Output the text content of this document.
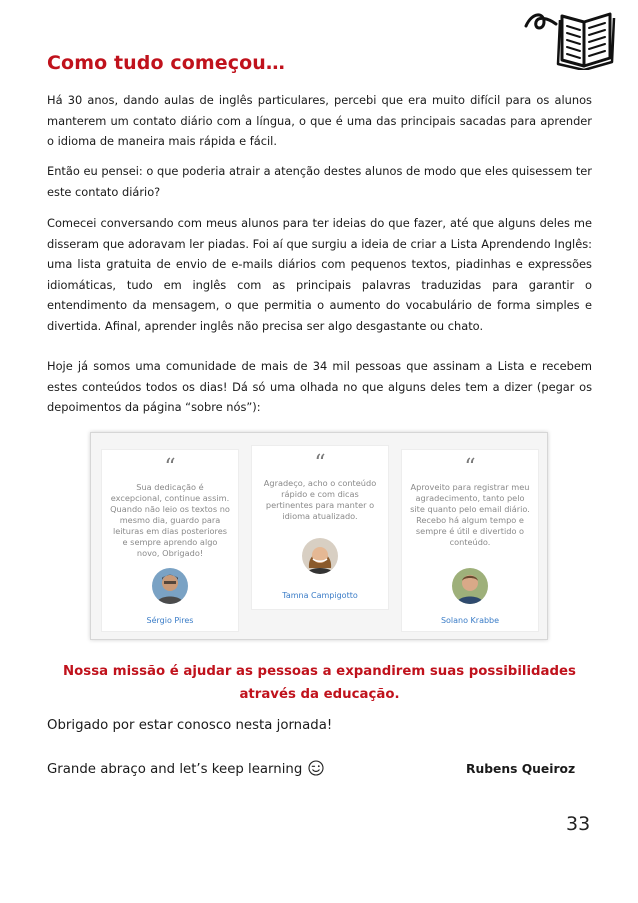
Como tudo começou…

Há 30 anos, dando aulas de inglês particulares, percebi que era muito difícil para os alunos manterem um contato diário com a língua, o que é uma das principais sacadas para aprender o idioma de maneira mais rápida e fácil.

Então eu pensei: o que poderia atrair a atenção destes alunos de modo que eles quisessem ter este contato diário?

Comecei conversando com meus alunos para ter ideias do que fazer, até que alguns deles me disseram que adoravam ler piadas. Foi aí que surgiu a ideia de criar a Lista Aprendendo Inglês: uma lista gratuita de envio de e-mails diários com pequenos textos, piadinhas e expressões idiomáticas, tudo em inglês com as principais palavras traduzidas para garantir o entendimento da mensagem, o que permitia o aumento do vocabulário de forma simples e divertida. Afinal, aprender inglês não precisa ser algo desgastante ou chato.

Hoje já somos uma comunidade de mais de 34 mil pessoas que assinam a Lista e recebem estes conteúdos todos os dias! Dá só uma olhada no que alguns deles tem a dizer (pegar os depoimentos da página “sobre nós”):

“
Sua dedicação é excepcional, continue assim. Quando não leio os textos no mesmo dia, guardo para leituras em dias posteriores e sempre aprendo algo novo, Obrigado!
Sérgio Pires
“
Agradeço, acho o conteúdo rápido e com dicas pertinentes para manter o idioma atualizado.
Tamna Campigotto
“
Aproveito para registrar meu agradecimento, tanto pelo site quanto pelo email diário. Recebo há algum tempo e sempre é útil e divertido o conteúdo.
Solano Krabbe

Nossa missão é ajudar as pessoas a expandirem suas possibilidades através da educação.

Obrigado por estar conosco nesta jornada!

Grande abraço and let’s keep learning	Rubens Queiroz

33
